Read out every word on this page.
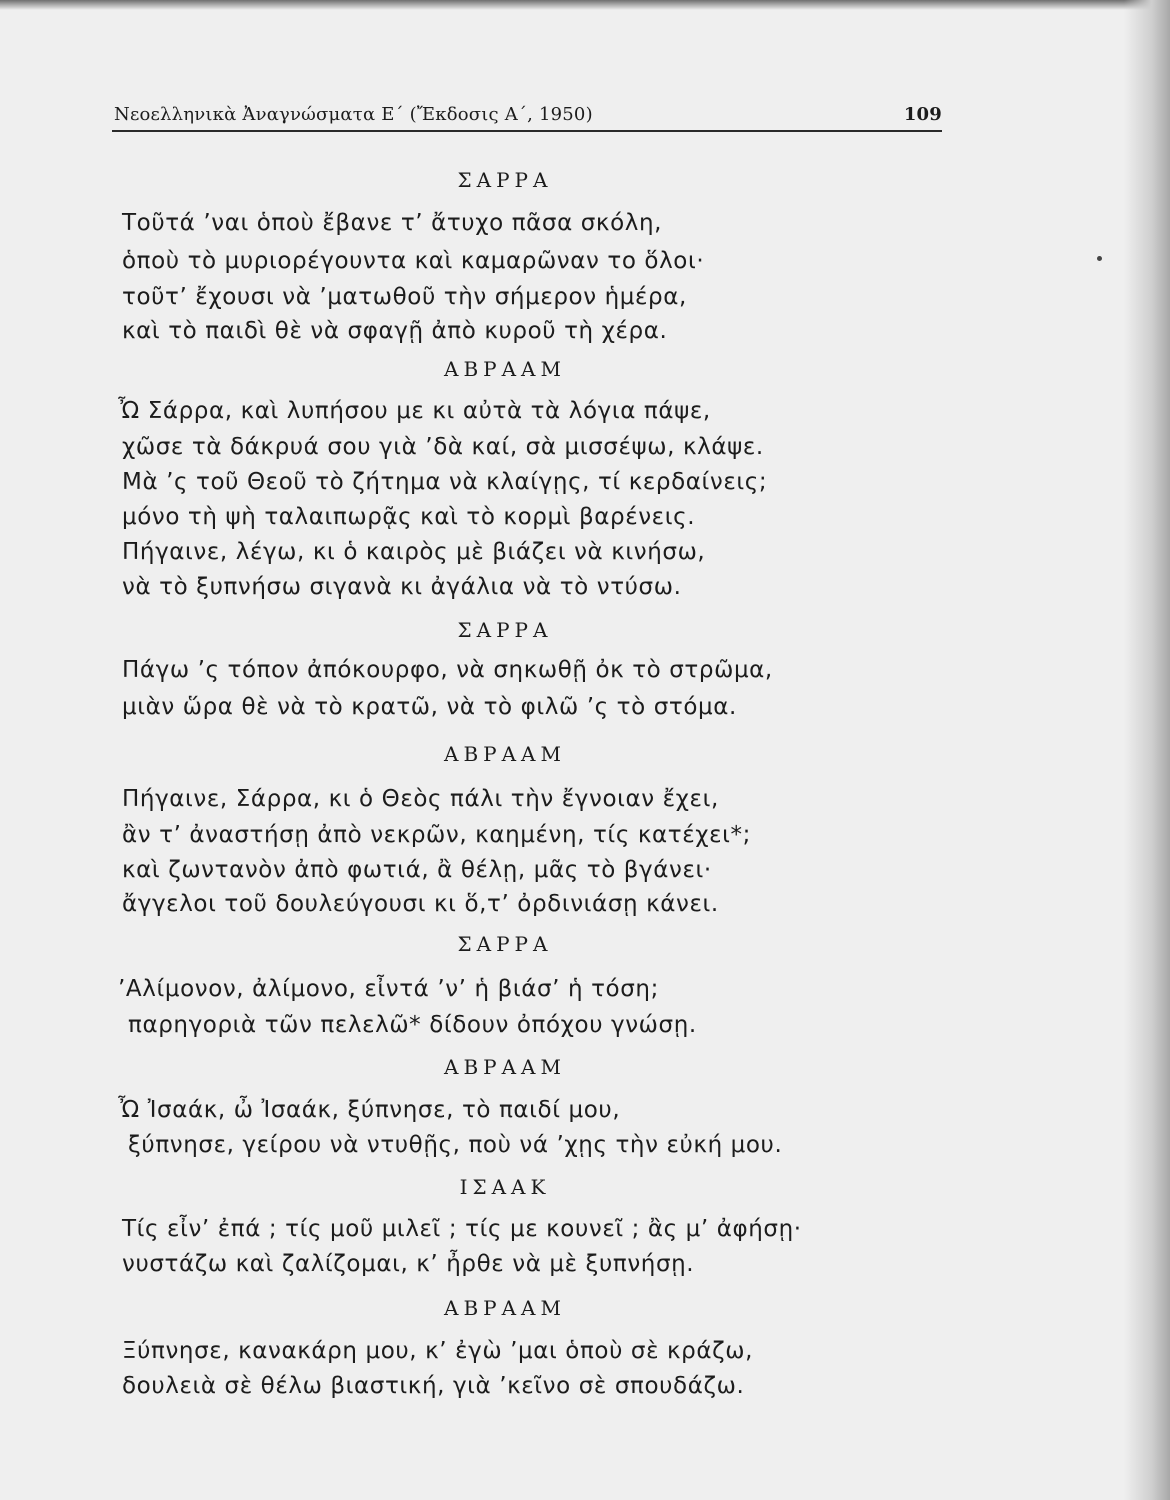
Νεοελληνικὰ Ἀναγνώσματα Ε΄ (Ἔκδοσις Α΄, 1950)	109
ΣΑΡΡΑ
Τοῦτά ’ναι ὁποὺ ἔβανε τ’ ἄτυχο πᾶσα σκόλη,
ὁποὺ τὸ μυριορέγουντα καὶ καμαρῶναν το ὅλοι·
τοῦτ’ ἔχουσι νὰ ’ματωθοῦ τὴν σήμερον ἡμέρα,
καὶ τὸ παιδὶ θὲ νὰ σφαγῇ ἀπὸ κυροῦ τὴ χέρα.
ΑΒΡΑΑΜ
Ὦ Σάρρα, καὶ λυπήσου με κι αὐτὰ τὰ λόγια πάψε,
χῶσε τὰ δάκρυά σου γιὰ ’δὰ καί, σὰ μισσέψω, κλάψε.
Μὰ ’ς τοῦ Θεοῦ τὸ ζήτημα νὰ κλαίγῃς, τί κερδαίνεις;
μόνο τὴ ψὴ ταλαιπωρᾷς καὶ τὸ κορμὶ βαρένεις.
Πήγαινε, λέγω, κι ὁ καιρὸς μὲ βιάζει νὰ κινήσω,
νὰ τὸ ξυπνήσω σιγανὰ κι ἀγάλια νὰ τὸ ντύσω.
ΣΑΡΡΑ
Πάγω ’ς τόπον ἀπόκουρφο, νὰ σηκωθῇ ὀκ τὸ στρῶμα,
μιὰν ὥρα θὲ νὰ τὸ κρατῶ, νὰ τὸ φιλῶ ’ς τὸ στόμα.
ΑΒΡΑΑΜ
Πήγαινε, Σάρρα, κι ὁ Θεὸς πάλι τὴν ἔγνοιαν ἔχει,
ἂν τ’ ἀναστήσῃ ἀπὸ νεκρῶν, καημένη, τίς κατέχει*;
καὶ ζωντανὸν ἀπὸ φωτιά, ἂ θέλῃ, μᾶς τὸ βγάνει·
ἄγγελοι τοῦ δουλεύγουσι κι ὅ,τ’ ὀρδινιάσῃ κάνει.
ΣΑΡΡΑ
’Αλίμονον, ἀλίμονο, εἶντά ’ν’ ἡ βιάσ’ ἡ τόση;
παρηγοριὰ τῶν πελελῶ* δίδουν ὀπόχου γνώσῃ.
ΑΒΡΑΑΜ
Ὦ Ἰσαάκ, ὦ Ἰσαάκ, ξύπνησε, τὸ παιδί μου,
ξύπνησε, γείρου νὰ ντυθῇς, ποὺ νά ’χῃς τὴν εὐκή μου.
ΙΣΑΑΚ
Τίς εἶν’ ἐπά ; τίς μοῦ μιλεῖ ; τίς με κουνεῖ ; ἂς μ’ ἀφήσῃ·
νυστάζω καὶ ζαλίζομαι, κ’ ἦρθε νὰ μὲ ξυπνήσῃ.
ΑΒΡΑΑΜ
Ξύπνησε, κανακάρη μου, κ’ ἐγὼ ’μαι ὁποὺ σὲ κράζω,
δουλειὰ σὲ θέλω βιαστική, γιὰ ’κεῖνο σὲ σπουδάζω.
